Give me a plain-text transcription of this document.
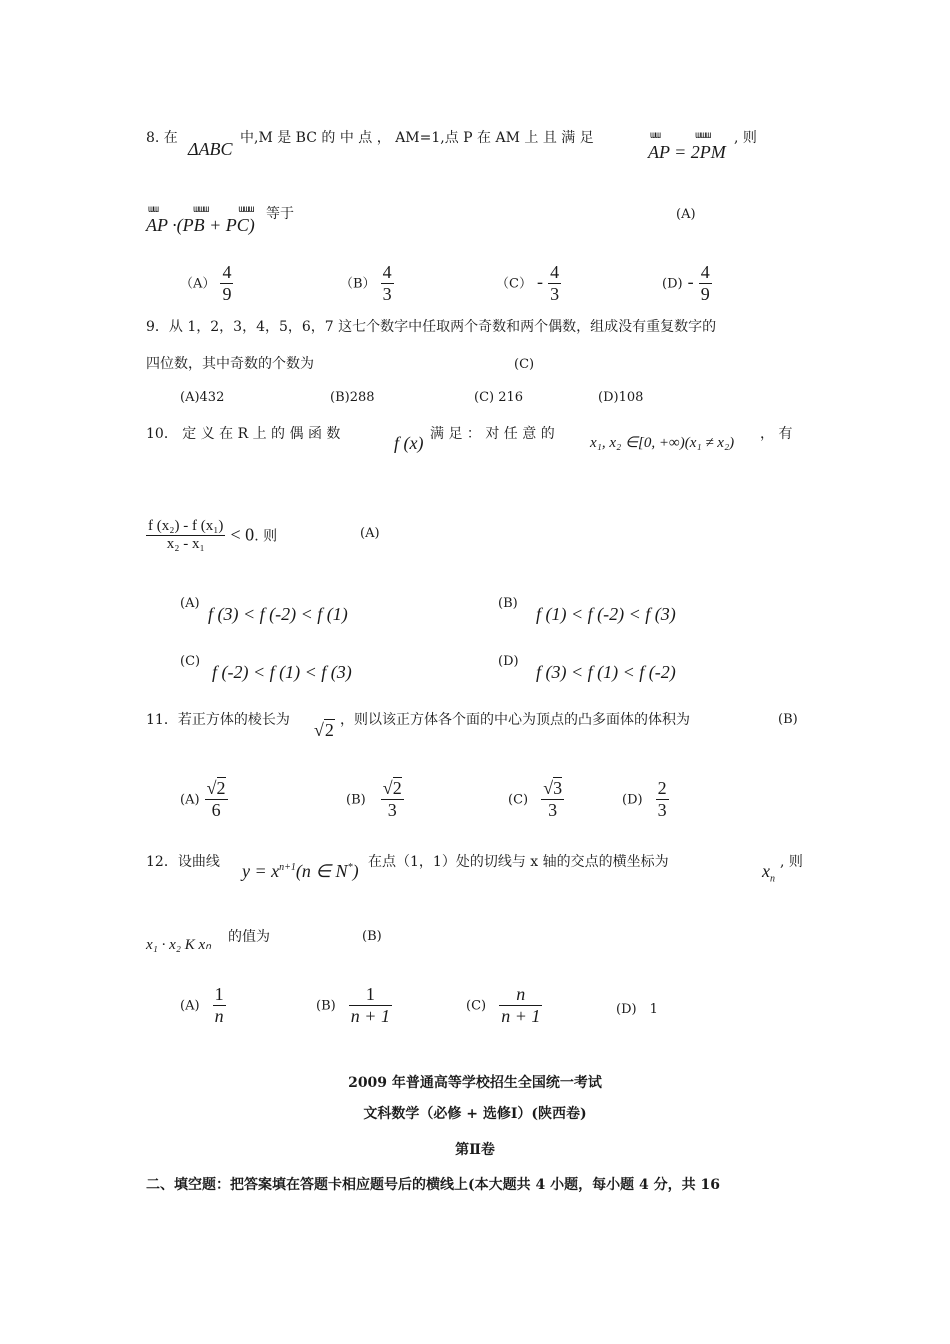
8. 在
ΔABC
中,M 是 BC 的 中 点 ， AM=1,点 P 在 AM 上 且 满 足	ɯɯ       ɯɯɯ
AP = 2PM
, 则
ɯɯ       ɯɯɯ      ɯɯɯ
AP ·(PB + PC)
等于	(A)
$(A) \frac{4}{9}$	$(B) \frac{4}{3}$	$(C) - \frac{4}{3}$	$(D) - \frac{4}{9}$
9．从 1，2，3，4，5，6，7 这七个数字中任取两个奇数和两个偶数，组成没有重复数字的
四位数，其中奇数的个数为	(C)
(A)432	(B)288	(C) 216	(D)108
10． 定 义 在 R 上 的 偶 函 数	f (x) 满 足 ： 对 任 意 的
x₁, x₂ ∈[0, +∞)(x₁ ≠ x₂)
， 有
$\frac{\text{f (x₂) - f (x₁)}}{\text{x₂ - x₁}} < 0$. 则	(A)
(A)
f (3) < f (-2) < f (1)
(B)
f (1) < f (-2) < f (3)
(C)
f (-2) < f (1) < f (3)
(D)
f (3) < f (1) < f (-2)
11．若正方体的棱长为 √2 ，则以该正方体各个面的中心为顶点的凸多面体的体积为	(B)
$(A) \frac{√2}{6}$	$(B) \frac{√2}{3}$	$(C) \frac{√3}{3}$	$(D) \frac{2}{3}$
12．设曲线 $y = x^{n+1}(n$ ∈ N*) 在点（1，1）处的切线与 x 轴的交点的横坐标为	$x_n$
, 则
x₁ · x₂ K xₙ 的值为	(B)
$(A) \frac{1}{n}$	$(B) \frac{1}{n + 1}$	$(C) \frac{n}{n + 1}$	(D) 1
2009 年普通高等学校招生全国统一考试
文科数学（必修 + 选修Ⅰ）(陕西卷)
第Ⅱ卷
二、填空题：把答案填在答题卡相应题号后的横线上(本大题共 4 小题，每小题 4 分，共 16
